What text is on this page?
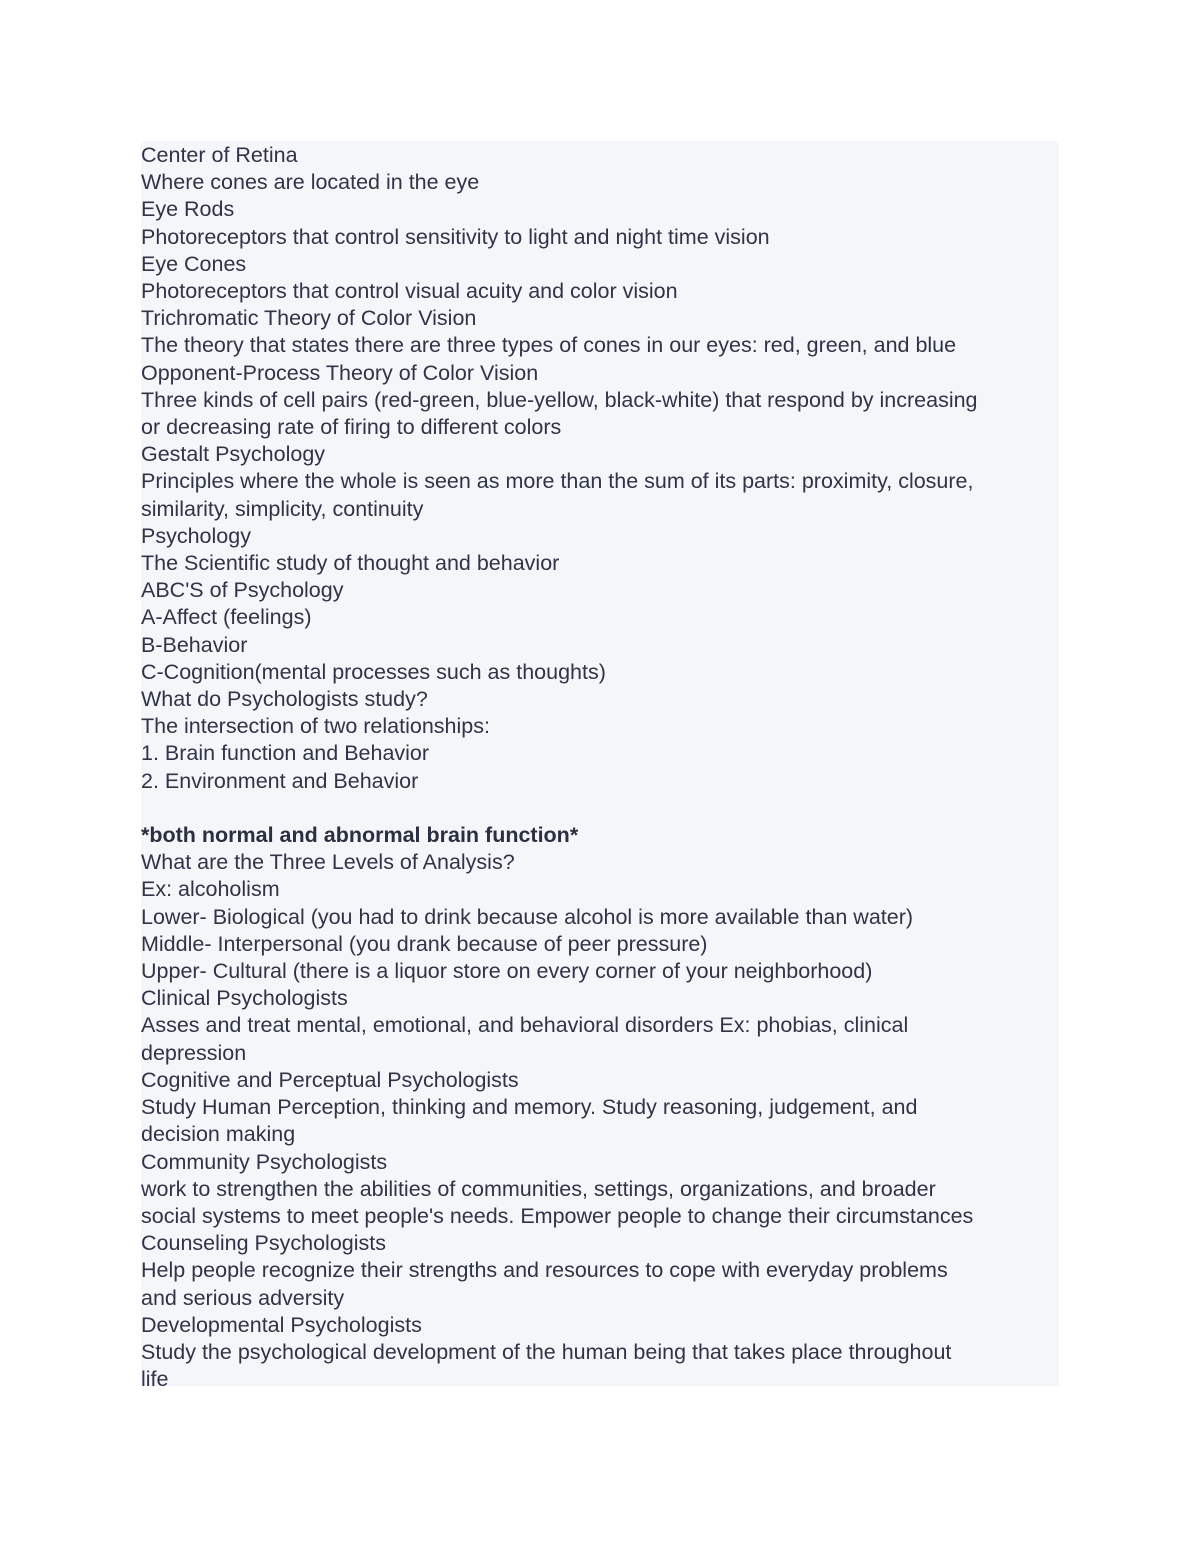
Center of Retina
Where cones are located in the eye
Eye Rods
Photoreceptors that control sensitivity to light and night time vision
Eye Cones
Photoreceptors that control visual acuity and color vision
Trichromatic Theory of Color Vision
The theory that states there are three types of cones in our eyes: red, green, and blue
Opponent-Process Theory of Color Vision
Three kinds of cell pairs (red-green, blue-yellow, black-white) that respond by increasing
or decreasing rate of firing to different colors
Gestalt Psychology
Principles where the whole is seen as more than the sum of its parts: proximity, closure,
similarity, simplicity, continuity
Psychology
The Scientific study of thought and behavior
ABC'S of Psychology
A-Affect (feelings)
B-Behavior
C-Cognition(mental processes such as thoughts)
What do Psychologists study?
The intersection of two relationships:
1. Brain function and Behavior
2. Environment and Behavior
*both normal and abnormal brain function*
What are the Three Levels of Analysis?
Ex: alcoholism
Lower- Biological (you had to drink because alcohol is more available than water)
Middle- Interpersonal (you drank because of peer pressure)
Upper- Cultural (there is a liquor store on every corner of your neighborhood)
Clinical Psychologists
Asses and treat mental, emotional, and behavioral disorders Ex: phobias, clinical
depression
Cognitive and Perceptual Psychologists
Study Human Perception, thinking and memory. Study reasoning, judgement, and
decision making
Community Psychologists
work to strengthen the abilities of communities, settings, organizations, and broader
social systems to meet people's needs. Empower people to change their circumstances
Counseling Psychologists
Help people recognize their strengths and resources to cope with everyday problems
and serious adversity
Developmental Psychologists
Study the psychological development of the human being that takes place throughout
life
